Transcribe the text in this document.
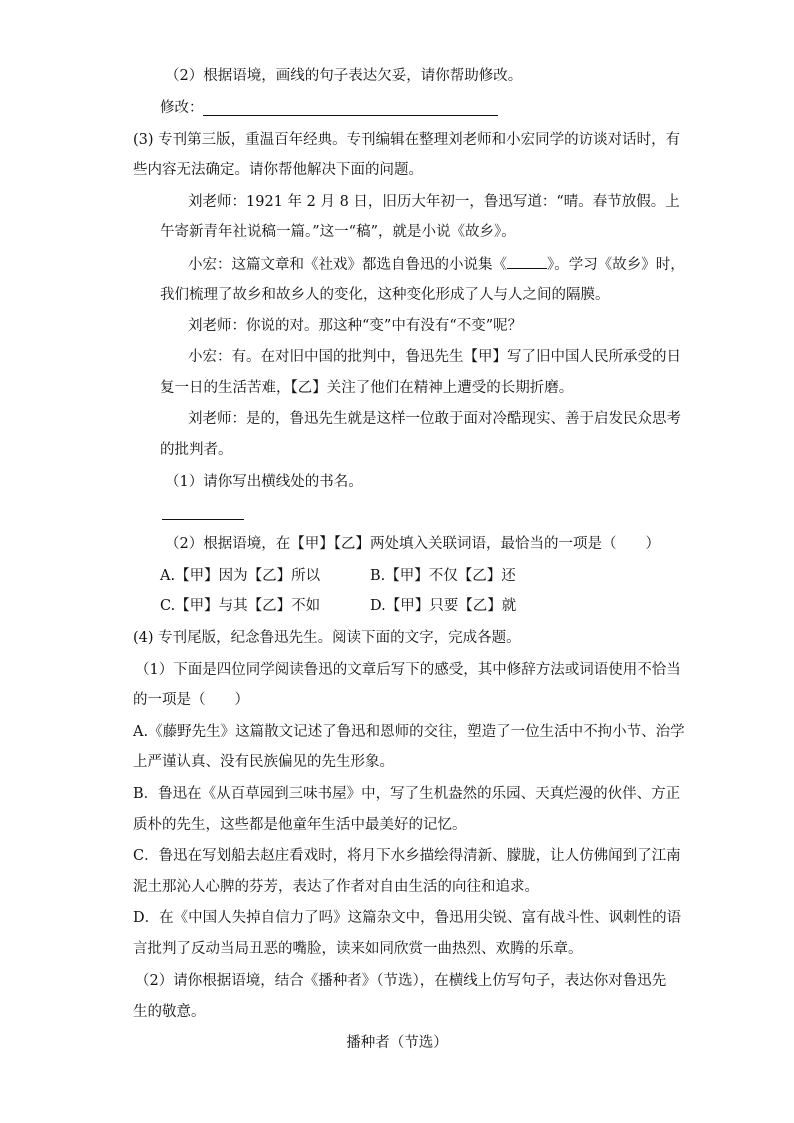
（2）根据语境，画线的句子表达欠妥，请你帮助修改。
修改：
(3) 专刊第三版，重温百年经典。专刊编辑在整理刘老师和小宏同学的访谈对话时，有
些内容无法确定。请你帮他解决下面的问题。
刘老师：1921 年 2 月 8 日，旧历大年初一，鲁迅写道：“晴。春节放假。上
午寄新青年社说稿一篇。”这一“稿”，就是小说《故乡》。
小宏：这篇文章和《社戏》都选自鲁迅的小说集《	》。学习《故乡》时，
我们梳理了故乡和故乡人的变化，这种变化形成了人与人之间的隔膜。
刘老师：你说的对。那这种“变”中有没有“不变”呢？
小宏：有。在对旧中国的批判中，鲁迅先生【甲】写了旧中国人民所承受的日
复一日的生活苦难，【乙】关注了他们在精神上遭受的长期折磨。
刘老师：是的，鲁迅先生就是这样一位敢于面对冷酷现实、善于启发民众思考
的批判者。
（1）请你写出横线处的书名。
（2）根据语境，在【甲】【乙】两处填入关联词语，最恰当的一项是（　　）
A.【甲】因为【乙】所以	B.【甲】不仅【乙】还
C.【甲】与其【乙】不如	D.【甲】只要【乙】就
(4) 专刊尾版，纪念鲁迅先生。阅读下面的文字，完成各题。
（1）下面是四位同学阅读鲁迅的文章后写下的感受，其中修辞方法或词语使用不恰当
的一项是（　　）
A.《藤野先生》这篇散文记述了鲁迅和恩师的交往，塑造了一位生活中不拘小节、治学
上严谨认真、没有民族偏见的先生形象。
B．鲁迅在《从百草园到三味书屋》中，写了生机盎然的乐园、天真烂漫的伙伴、方正
质朴的先生，这些都是他童年生活中最美好的记忆。
C．鲁迅在写划船去赵庄看戏时，将月下水乡描绘得清新、朦胧，让人仿佛闻到了江南
泥土那沁人心脾的芬芳，表达了作者对自由生活的向往和追求。
D．在《中国人失掉自信力了吗》这篇杂文中，鲁迅用尖锐、富有战斗性、讽刺性的语
言批判了反动当局丑恶的嘴脸，读来如同欣赏一曲热烈、欢腾的乐章。
（2）请你根据语境，结合《播种者》（节选），在横线上仿写句子，表达你对鲁迅先
生的敬意。
播种者（节选）
